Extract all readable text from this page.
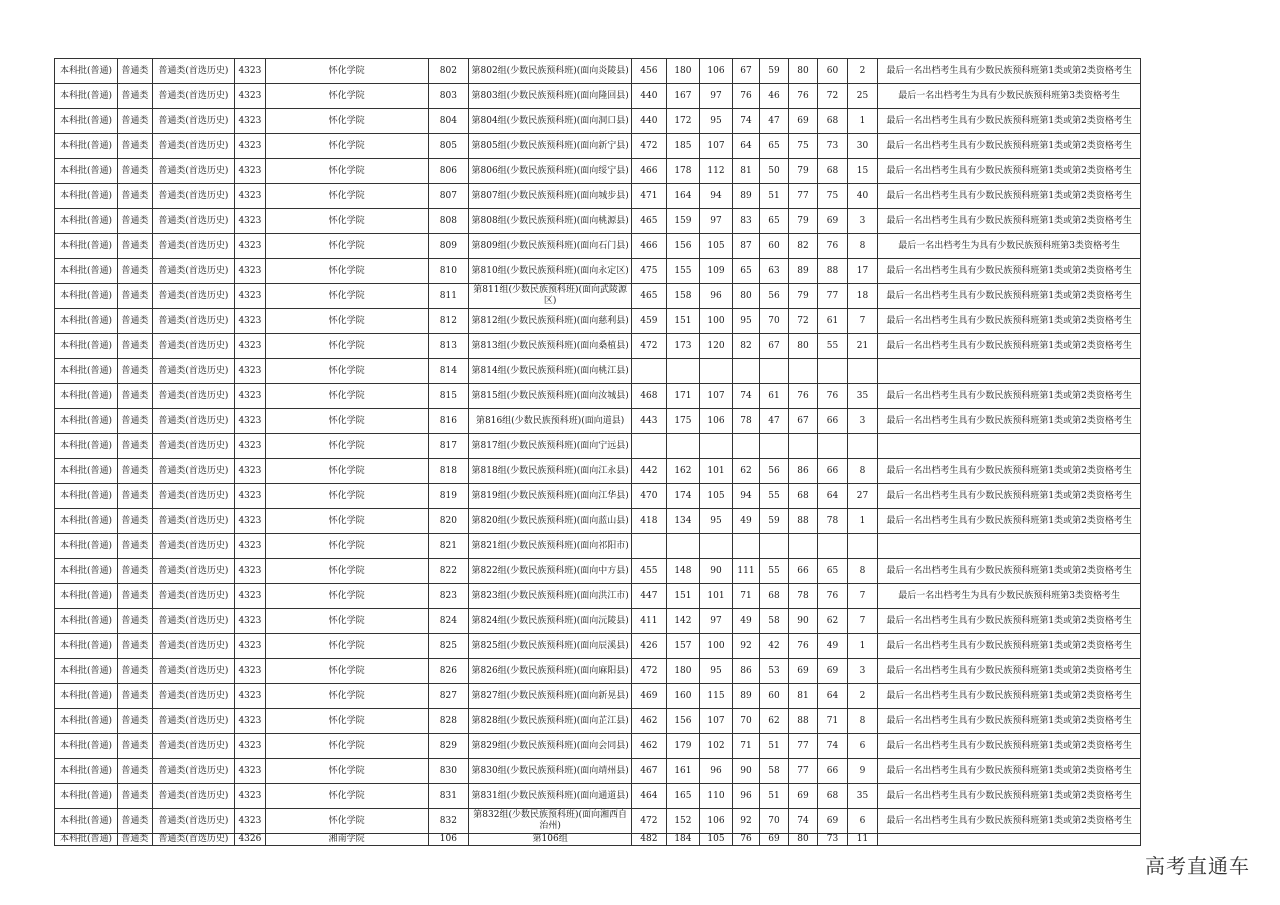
本科批(普通)	普通类	普通类(首选历史)	4323	怀化学院	802	第802组(少数民族预科班)(面向炎陵县)	456	180	106	67	59	80	60	2	最后一名出档考生具有少数民族预科班第1类或第2类资格考生
本科批(普通)	普通类	普通类(首选历史)	4323	怀化学院	803	第803组(少数民族预科班)(面向隆回县)	440	167	97	76	46	76	72	25	最后一名出档考生为具有少数民族预科班第3类资格考生
本科批(普通)	普通类	普通类(首选历史)	4323	怀化学院	804	第804组(少数民族预科班)(面向洞口县)	440	172	95	74	47	69	68	1	最后一名出档考生具有少数民族预科班第1类或第2类资格考生
本科批(普通)	普通类	普通类(首选历史)	4323	怀化学院	805	第805组(少数民族预科班)(面向新宁县)	472	185	107	64	65	75	73	30	最后一名出档考生具有少数民族预科班第1类或第2类资格考生
本科批(普通)	普通类	普通类(首选历史)	4323	怀化学院	806	第806组(少数民族预科班)(面向绥宁县)	466	178	112	81	50	79	68	15	最后一名出档考生具有少数民族预科班第1类或第2类资格考生
本科批(普通)	普通类	普通类(首选历史)	4323	怀化学院	807	第807组(少数民族预科班)(面向城步县)	471	164	94	89	51	77	75	40	最后一名出档考生具有少数民族预科班第1类或第2类资格考生
本科批(普通)	普通类	普通类(首选历史)	4323	怀化学院	808	第808组(少数民族预科班)(面向桃源县)	465	159	97	83	65	79	69	3	最后一名出档考生具有少数民族预科班第1类或第2类资格考生
本科批(普通)	普通类	普通类(首选历史)	4323	怀化学院	809	第809组(少数民族预科班)(面向石门县)	466	156	105	87	60	82	76	8	最后一名出档考生为具有少数民族预科班第3类资格考生
本科批(普通)	普通类	普通类(首选历史)	4323	怀化学院	810	第810组(少数民族预科班)(面向永定区)	475	155	109	65	63	89	88	17	最后一名出档考生具有少数民族预科班第1类或第2类资格考生
本科批(普通)	普通类	普通类(首选历史)	4323	怀化学院	811	第811组(少数民族预科班)(面向武陵源区)	465	158	96	80	56	79	77	18	最后一名出档考生具有少数民族预科班第1类或第2类资格考生
本科批(普通)	普通类	普通类(首选历史)	4323	怀化学院	812	第812组(少数民族预科班)(面向慈利县)	459	151	100	95	70	72	61	7	最后一名出档考生具有少数民族预科班第1类或第2类资格考生
本科批(普通)	普通类	普通类(首选历史)	4323	怀化学院	813	第813组(少数民族预科班)(面向桑植县)	472	173	120	82	67	80	55	21	最后一名出档考生具有少数民族预科班第1类或第2类资格考生
本科批(普通)	普通类	普通类(首选历史)	4323	怀化学院	814	第814组(少数民族预科班)(面向桃江县)									
本科批(普通)	普通类	普通类(首选历史)	4323	怀化学院	815	第815组(少数民族预科班)(面向汝城县)	468	171	107	74	61	76	76	35	最后一名出档考生具有少数民族预科班第1类或第2类资格考生
本科批(普通)	普通类	普通类(首选历史)	4323	怀化学院	816	第816组(少数民族预科班)(面向道县)	443	175	106	78	47	67	66	3	最后一名出档考生具有少数民族预科班第1类或第2类资格考生
本科批(普通)	普通类	普通类(首选历史)	4323	怀化学院	817	第817组(少数民族预科班)(面向宁远县)									
本科批(普通)	普通类	普通类(首选历史)	4323	怀化学院	818	第818组(少数民族预科班)(面向江永县)	442	162	101	62	56	86	66	8	最后一名出档考生具有少数民族预科班第1类或第2类资格考生
本科批(普通)	普通类	普通类(首选历史)	4323	怀化学院	819	第819组(少数民族预科班)(面向江华县)	470	174	105	94	55	68	64	27	最后一名出档考生具有少数民族预科班第1类或第2类资格考生
本科批(普通)	普通类	普通类(首选历史)	4323	怀化学院	820	第820组(少数民族预科班)(面向蓝山县)	418	134	95	49	59	88	78	1	最后一名出档考生具有少数民族预科班第1类或第2类资格考生
本科批(普通)	普通类	普通类(首选历史)	4323	怀化学院	821	第821组(少数民族预科班)(面向祁阳市)									
本科批(普通)	普通类	普通类(首选历史)	4323	怀化学院	822	第822组(少数民族预科班)(面向中方县)	455	148	90	111	55	66	65	8	最后一名出档考生具有少数民族预科班第1类或第2类资格考生
本科批(普通)	普通类	普通类(首选历史)	4323	怀化学院	823	第823组(少数民族预科班)(面向洪江市)	447	151	101	71	68	78	76	7	最后一名出档考生为具有少数民族预科班第3类资格考生
本科批(普通)	普通类	普通类(首选历史)	4323	怀化学院	824	第824组(少数民族预科班)(面向沅陵县)	411	142	97	49	58	90	62	7	最后一名出档考生具有少数民族预科班第1类或第2类资格考生
本科批(普通)	普通类	普通类(首选历史)	4323	怀化学院	825	第825组(少数民族预科班)(面向辰溪县)	426	157	100	92	42	76	49	1	最后一名出档考生具有少数民族预科班第1类或第2类资格考生
本科批(普通)	普通类	普通类(首选历史)	4323	怀化学院	826	第826组(少数民族预科班)(面向麻阳县)	472	180	95	86	53	69	69	3	最后一名出档考生具有少数民族预科班第1类或第2类资格考生
本科批(普通)	普通类	普通类(首选历史)	4323	怀化学院	827	第827组(少数民族预科班)(面向新晃县)	469	160	115	89	60	81	64	2	最后一名出档考生具有少数民族预科班第1类或第2类资格考生
本科批(普通)	普通类	普通类(首选历史)	4323	怀化学院	828	第828组(少数民族预科班)(面向芷江县)	462	156	107	70	62	88	71	8	最后一名出档考生具有少数民族预科班第1类或第2类资格考生
本科批(普通)	普通类	普通类(首选历史)	4323	怀化学院	829	第829组(少数民族预科班)(面向会同县)	462	179	102	71	51	77	74	6	最后一名出档考生具有少数民族预科班第1类或第2类资格考生
本科批(普通)	普通类	普通类(首选历史)	4323	怀化学院	830	第830组(少数民族预科班)(面向靖州县)	467	161	96	90	58	77	66	9	最后一名出档考生具有少数民族预科班第1类或第2类资格考生
本科批(普通)	普通类	普通类(首选历史)	4323	怀化学院	831	第831组(少数民族预科班)(面向通道县)	464	165	110	96	51	69	68	35	最后一名出档考生具有少数民族预科班第1类或第2类资格考生
本科批(普通)	普通类	普通类(首选历史)	4323	怀化学院	832	第832组(少数民族预科班)(面向湘西自治州)	472	152	106	92	70	74	69	6	最后一名出档考生具有少数民族预科班第1类或第2类资格考生
本科批(普通)	普通类	普通类(首选历史)	4326	湘南学院	106	第106组	482	184	105	76	69	80	73	11	
高考直通车
